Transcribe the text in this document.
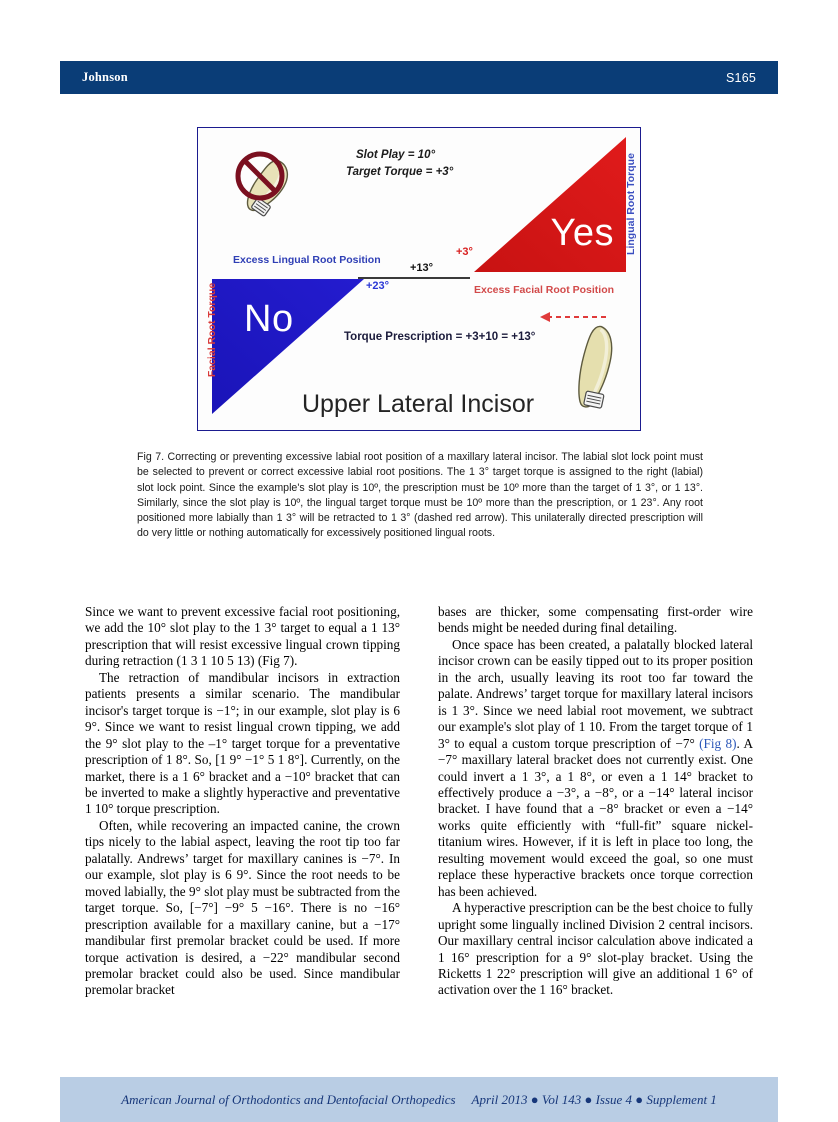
Johnson	S165
Slot Play = 10°
Target Torque = +3°
Yes
No
Excess Lingual Root Position
Excess Facial Root Position
+13°
+23°
+3°
Torque Prescription = +3+10 = +13°
Upper Lateral Incisor
Facial Root Torque
Lingual Root Torque
Fig 7. Correcting or preventing excessive labial root position of a maxillary lateral incisor. The labial slot lock point must be selected to prevent or correct excessive labial root positions. The 1 3° target torque is assigned to the right (labial) slot lock point. Since the example's slot play is 10º, the prescription must be 10º more than the target of 1 3°, or 1 13°. Similarly, since the slot play is 10º, the lingual target torque must be 10º more than the prescription, or 1 23°. Any root positioned more labially than 1 3° will be retracted to 1 3° (dashed red arrow). This unilaterally directed prescription will do very little or nothing automatically for excessively positioned lingual roots.

Since we want to prevent excessive facial root positioning, we add the 10° slot play to the 1 3° target to equal a 1 13° prescription that will resist excessive lingual crown tipping during retraction (1 3 1 10 5 13) (Fig 7).

The retraction of mandibular incisors in extraction patients presents a similar scenario. The mandibular incisor's target torque is −1°; in our example, slot play is 6 9°. Since we want to resist lingual crown tipping, we add the 9° slot play to the –1° target torque for a preventative prescription of 1 8°. So, [1 9° −1° 5 1 8°]. Currently, on the market, there is a 1 6° bracket and a −10° bracket that can be inverted to make a slightly hyperactive and preventative 1 10° torque prescription.

Often, while recovering an impacted canine, the crown tips nicely to the labial aspect, leaving the root tip too far palatally. Andrews’ target for maxillary canines is −7°. In our example, slot play is 6 9°. Since the root needs to be moved labially, the 9° slot play must be subtracted from the target torque. So, [−7°] −9° 5 −16°. There is no −16° prescription available for a maxillary canine, but a −17° mandibular first premolar bracket could be used. If more torque activation is desired, a −22° mandibular second premolar bracket could also be used. Since mandibular premolar bracket

bases are thicker, some compensating first-order wire bends might be needed during final detailing.

Once space has been created, a palatally blocked lateral incisor crown can be easily tipped out to its proper position in the arch, usually leaving its root too far toward the palate. Andrews’ target torque for maxillary lateral incisors is 1 3°. Since we need labial root movement, we subtract our example's slot play of 1 10. From the target torque of 1 3° to equal a custom torque prescription of −7° (Fig 8). A −7° maxillary lateral bracket does not currently exist. One could invert a 1 3°, a 1 8°, or even a 1 14° bracket to effectively produce a −3°, a −8°, or a −14° lateral incisor bracket. I have found that a −8° bracket or even a −14° works quite efficiently with “full-fit” square nickel-titanium wires. However, if it is left in place too long, the resulting movement would exceed the goal, so one must replace these hyperactive brackets once torque correction has been achieved.

A hyperactive prescription can be the best choice to fully upright some lingually inclined Division 2 central incisors. Our maxillary central incisor calculation above indicated a 1 16° prescription for a 9° slot-play bracket. Using the Ricketts 1 22° prescription will give an additional 1 6° of activation over the 1 16° bracket.

American Journal of Orthodontics and Dentofacial Orthopedics April 2013 ● Vol 143 ● Issue 4 ● Supplement 1
